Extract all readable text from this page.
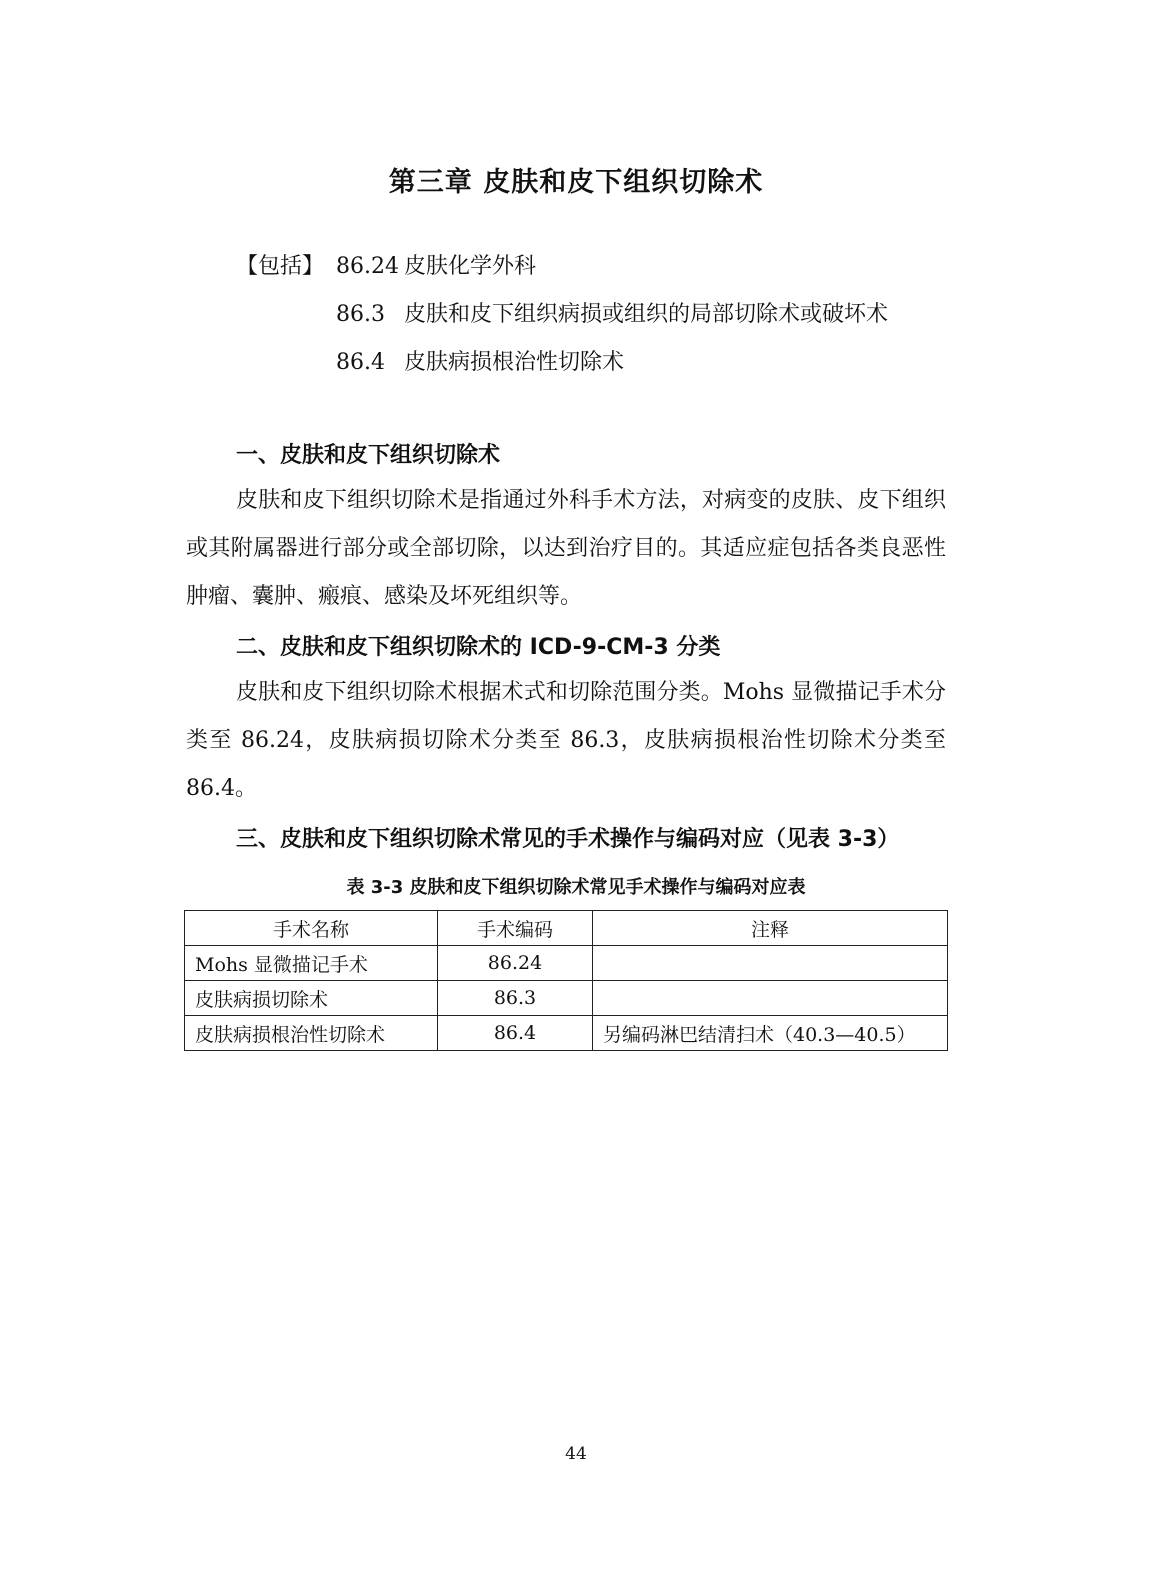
第三章 皮肤和皮下组织切除术
【包括】 86.24 皮肤化学外科
86.3 皮肤和皮下组织病损或组织的局部切除术或破坏术
86.4 皮肤病损根治性切除术
一、皮肤和皮下组织切除术
皮肤和皮下组织切除术是指通过外科手术方法，对病变的皮肤、皮下组织或其附属器进行部分或全部切除，以达到治疗目的。其适应症包括各类良恶性肿瘤、囊肿、瘢痕、感染及坏死组织等。
二、皮肤和皮下组织切除术的 ICD-9-CM-3 分类
皮肤和皮下组织切除术根据术式和切除范围分类。Mohs 显微描记手术分类至 86.24，皮肤病损切除术分类至 86.3，皮肤病损根治性切除术分类至 86.4。
三、皮肤和皮下组织切除术常见的手术操作与编码对应（见表 3-3）
表 3-3 皮肤和皮下组织切除术常见手术操作与编码对应表
手术名称	手术编码	注释
Mohs 显微描记手术	86.24	
皮肤病损切除术	86.3	
皮肤病损根治性切除术	86.4	另编码淋巴结清扫术（40.3—40.5）
44
